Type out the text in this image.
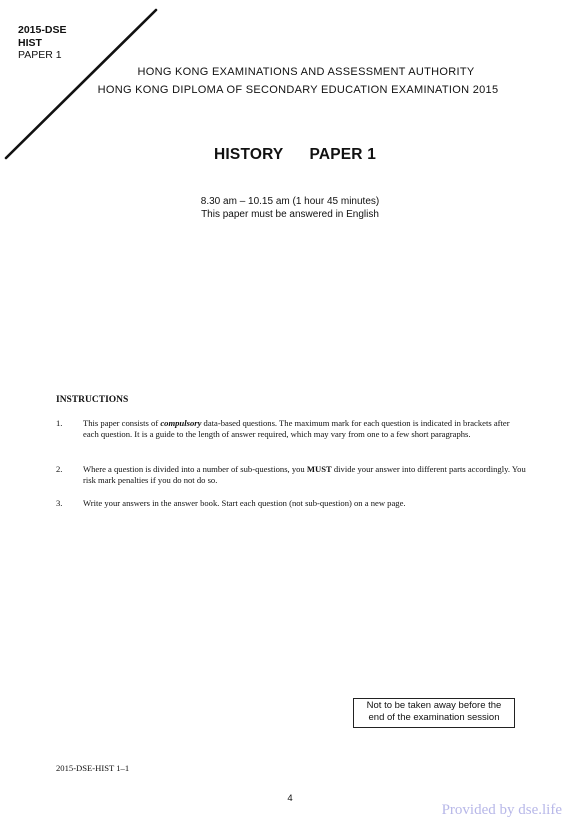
2015-DSE
HIST
PAPER 1
HONG KONG EXAMINATIONS AND ASSESSMENT AUTHORITY
HONG KONG DIPLOMA OF SECONDARY EDUCATION EXAMINATION 2015
HISTORY PAPER 1
8.30 am – 10.15 am (1 hour 45 minutes)
This paper must be answered in English
INSTRUCTIONS
1. This paper consists of compulsory data-based questions. The maximum mark for each question is indicated in brackets after each question. It is a guide to the length of answer required, which may vary from one to a few short paragraphs.
2. Where a question is divided into a number of sub-questions, you MUST divide your answer into different parts accordingly. You risk mark penalties if you do not do so.
3. Write your answers in the answer book. Start each question (not sub-question) on a new page.
Not to be taken away before the
end of the examination session
2015-DSE-HIST 1–1
4
Provided by dse.life
